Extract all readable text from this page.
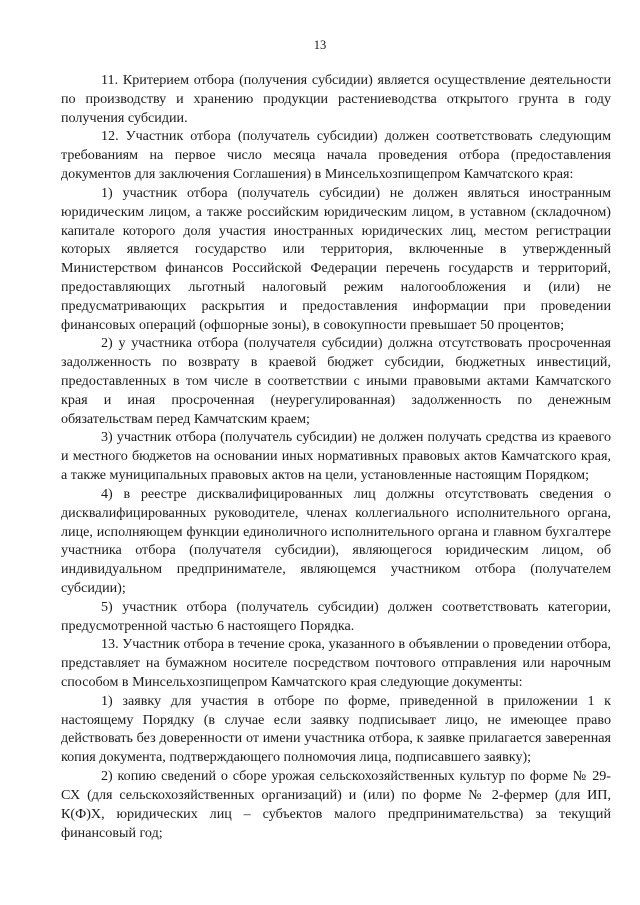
13

11. Критерием отбора (получения субсидии) является осуществление деятельности по производству и хранению продукции растениеводства открытого грунта в году получения субсидии.

12. Участник отбора (получатель субсидии) должен соответствовать следующим требованиям на первое число месяца начала проведения отбора (предоставления документов для заключения Соглашения) в Минсельхозпищепром Камчатского края:

1) участник отбора (получатель субсидии) не должен являться иностранным юридическим лицом, а также российским юридическим лицом, в уставном (складочном) капитале которого доля участия иностранных юридических лиц, местом регистрации которых является государство или территория, включенные в утвержденный Министерством финансов Российской Федерации перечень государств и территорий, предоставляющих льготный налоговый режим налогообложения и (или) не предусматривающих раскрытия и предоставления информации при проведении финансовых операций (офшорные зоны), в совокупности превышает 50 процентов;

2) у участника отбора (получателя субсидии) должна отсутствовать просроченная задолженность по возврату в краевой бюджет субсидии, бюджетных инвестиций, предоставленных в том числе в соответствии с иными правовыми актами Камчатского края и иная просроченная (неурегулированная) задолженность по денежным обязательствам перед Камчатским краем;

3) участник отбора (получатель субсидии) не должен получать средства из краевого и местного бюджетов на основании иных нормативных правовых актов Камчатского края, а также муниципальных правовых актов на цели, установленные настоящим Порядком;

4) в реестре дисквалифицированных лиц должны отсутствовать сведения о дисквалифицированных руководителе, членах коллегиального исполнительного органа, лице, исполняющем функции единоличного исполнительного органа и главном бухгалтере участника отбора (получателя субсидии), являющегося юридическим лицом, об индивидуальном предпринимателе, являющемся участником отбора (получателем субсидии);

5) участник отбора (получатель субсидии) должен соответствовать категории, предусмотренной частью 6 настоящего Порядка.

13. Участник отбора в течение срока, указанного в объявлении о проведении отбора, представляет на бумажном носителе посредством почтового отправления или нарочным способом в Минсельхозпищепром Камчатского края следующие документы:

1) заявку для участия в отборе по форме, приведенной в приложении 1 к настоящему Порядку (в случае если заявку подписывает лицо, не имеющее право действовать без доверенности от имени участника отбора, к заявке прилагается заверенная копия документа, подтверждающего полномочия лица, подписавшего заявку);

2) копию сведений о сборе урожая сельскохозяйственных культур по форме № 29-СХ (для сельскохозяйственных организаций) и (или) по форме № 2-фермер (для ИП, К(Ф)Х, юридических лиц – субъектов малого предпринимательства) за текущий финансовый год;
